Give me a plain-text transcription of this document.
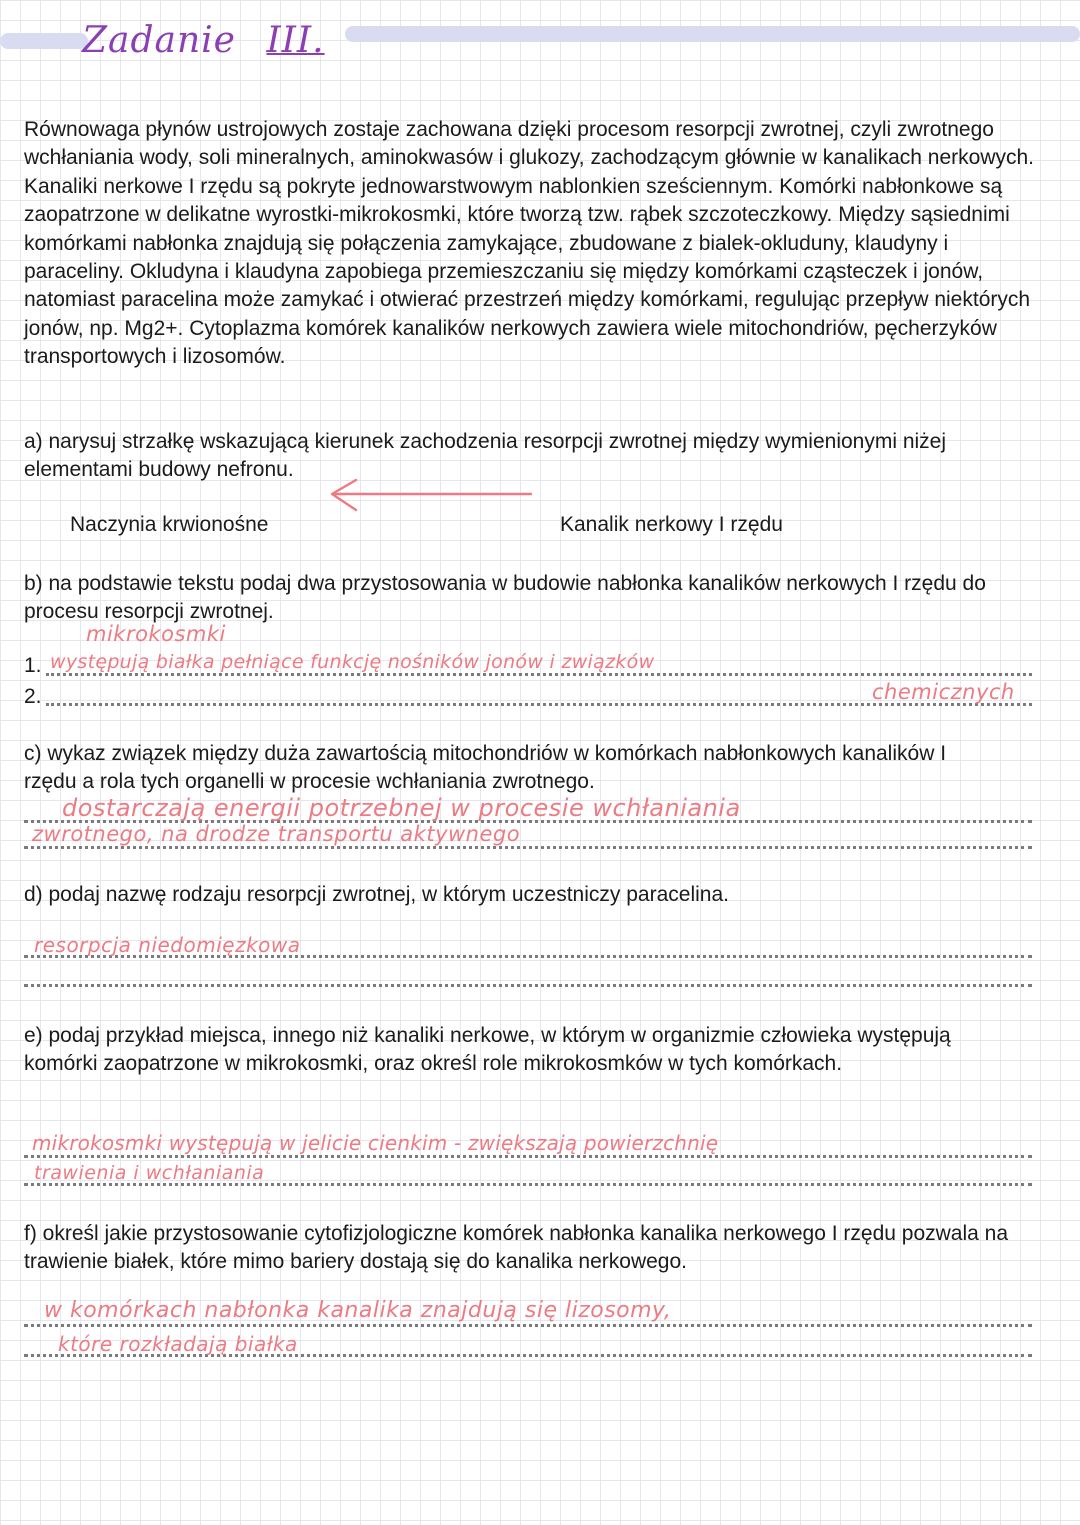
Zadanie III.
Równowaga płynów ustrojowych zostaje zachowana dzięki procesom resorpcji zwrotnej, czyli zwrotnego wchłaniania wody, soli mineralnych, aminokwasów i glukozy, zachodzącym głównie w kanalikach nerkowych. Kanaliki nerkowe I rzędu są pokryte jednowarstwowym nablonkien sześciennym. Komórki nabłonkowe są zaopatrzone w delikatne wyrostki-mikrokosmki, które tworzą tzw. rąbek szczoteczkowy. Między sąsiednimi komórkami nabłonka znajdują się połączenia zamykające, zbudowane z bialek-okluduny, klaudyny i paraceliny. Okludyna i klaudyna zapobiega przemieszczaniu się między komórkami cząsteczek i jonów, natomiast paracelina może zamykać i otwierać przestrzeń między komórkami, regulując przepływ niektórych jonów, np. Mg2+. Cytoplazma komórek kanalików nerkowych zawiera wiele mitochondriów, pęcherzyków transportowych i lizosomów.
a) narysuj strzałkę wskazującą kierunek zachodzenia resorpcji zwrotnej między wymienionymi niżej elementami budowy nefronu.
Naczynia krwionośne	Kanalik nerkowy I rzędu
b) na podstawie tekstu podaj dwa przystosowania w budowie nabłonka kanalików nerkowych I rzędu do procesu resorpcji zwrotnej.
mikrokosmki
1. występują białka pełniące funkcję nośników jonów i związków
2.	chemicznych
c) wykaz związek między duża zawartością mitochondriów w komórkach nabłonkowych kanalików I rzędu a rola tych organelli w procesie wchłaniania zwrotnego.
dostarczają energii potrzebnej w procesie wchłaniania
zwrotnego, na drodze transportu aktywnego
d) podaj nazwę rodzaju resorpcji zwrotnej, w którym uczestniczy paracelina.
resorpcja niedomięzkowa
e) podaj przykład miejsca, innego niż kanaliki nerkowe, w którym w organizmie człowieka występują komórki zaopatrzone w mikrokosmki, oraz określ role mikrokosmków w tych komórkach.
mikrokosmki występują w jelicie cienkim - zwiększają powierzchnię
trawienia i wchłaniania
f) określ jakie przystosowanie cytofizjologiczne komórek nabłonka kanalika nerkowego I rzędu pozwala na trawienie białek, które mimo bariery dostają się do kanalika nerkowego.
w komórkach nabłonka kanalika znajdują się lizosomy,
które rozkładają białka
